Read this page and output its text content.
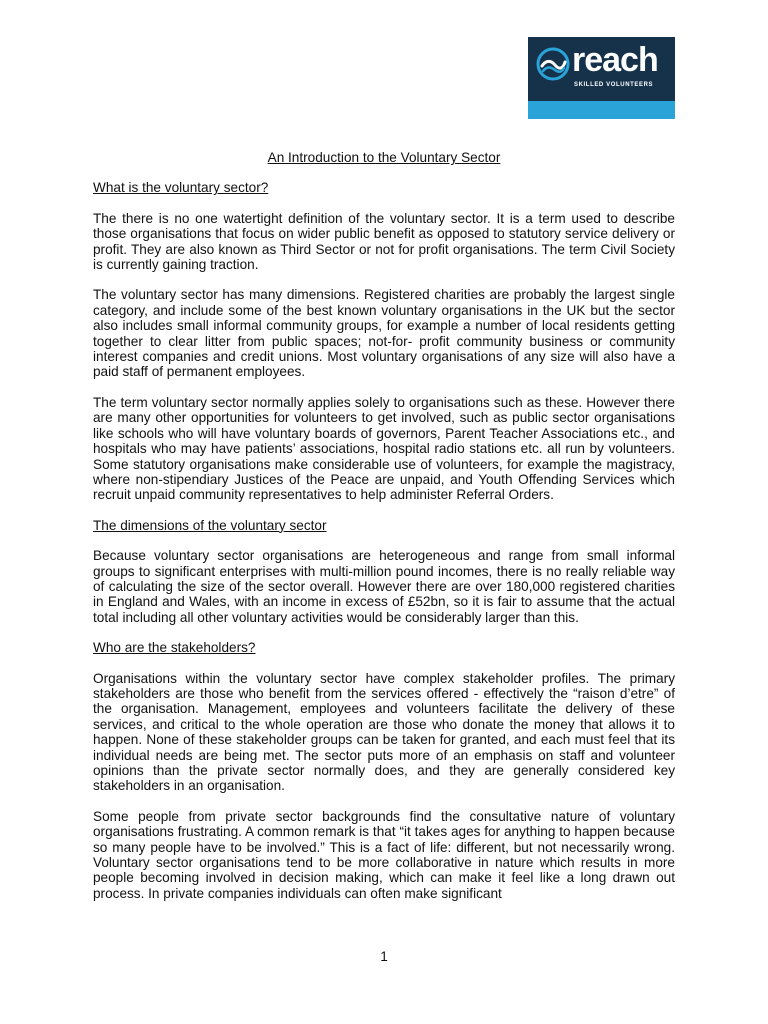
reach
SKILLED VOLUNTEERS
An Introduction to the Voluntary Sector
What is the voluntary sector?

The there is no one watertight definition of the voluntary sector. It is a term used to describe those organisations that focus on wider public benefit as opposed to statutory service delivery or profit. They are also known as Third Sector or not for profit organisations. The term Civil Society is currently gaining traction.

The voluntary sector has many dimensions. Registered charities are probably the largest single category, and include some of the best known voluntary organisations in the UK but the sector also includes small informal community groups, for example a number of local residents getting together to clear litter from public spaces; not-for- profit community business or community interest companies and credit unions. Most voluntary organisations of any size will also have a paid staff of permanent employees.

The term voluntary sector normally applies solely to organisations such as these. However there are many other opportunities for volunteers to get involved, such as public sector organisations like schools who will have voluntary boards of governors, Parent Teacher Associations etc., and hospitals who may have patients’ associations, hospital radio stations etc. all run by volunteers. Some statutory organisations make considerable use of volunteers, for example the magistracy, where non-stipendiary Justices of the Peace are unpaid, and Youth Offending Services which recruit unpaid community representatives to help administer Referral Orders.

The dimensions of the voluntary sector

Because voluntary sector organisations are heterogeneous and range from small informal groups to significant enterprises with multi-million pound incomes, there is no really reliable way of calculating the size of the sector overall. However there are over 180,000 registered charities in England and Wales, with an income in excess of £52bn, so it is fair to assume that the actual total including all other voluntary activities would be considerably larger than this.

Who are the stakeholders?

Organisations within the voluntary sector have complex stakeholder profiles. The primary stakeholders are those who benefit from the services offered - effectively the “raison d’etre” of the organisation. Management, employees and volunteers facilitate the delivery of these services, and critical to the whole operation are those who donate the money that allows it to happen. None of these stakeholder groups can be taken for granted, and each must feel that its individual needs are being met. The sector puts more of an emphasis on staff and volunteer opinions than the private sector normally does, and they are generally considered key stakeholders in an organisation.

Some people from private sector backgrounds find the consultative nature of voluntary organisations frustrating. A common remark is that “it takes ages for anything to happen because so many people have to be involved.” This is a fact of life: different, but not necessarily wrong. Voluntary sector organisations tend to be more collaborative in nature which results in more people becoming involved in decision making, which can make it feel like a long drawn out process. In private companies individuals can often make significant

1
